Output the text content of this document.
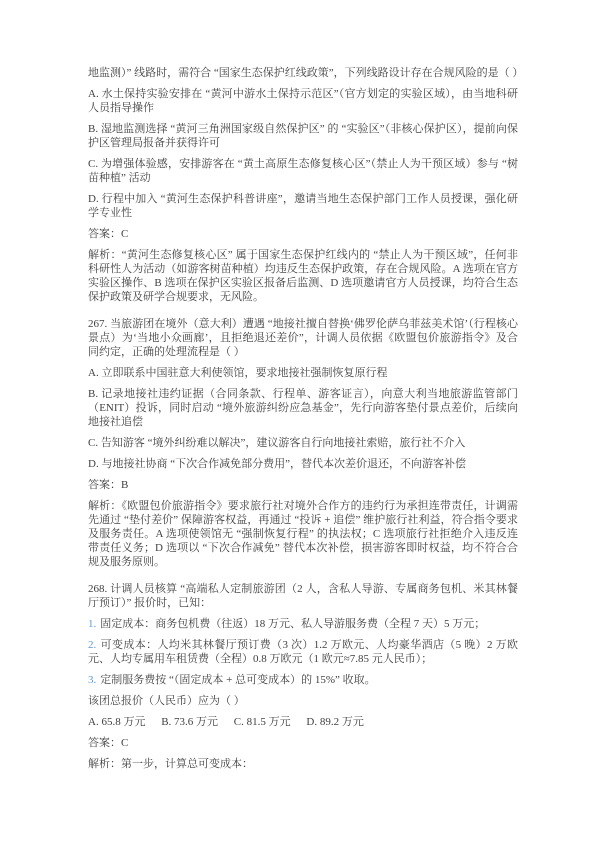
地监测）” 线路时，需符合 “国家生态保护红线政策”，下列线路设计存在合规风险的是（ ）

A. 水土保持实验安排在 “黄河中游水土保持示范区”（官方划定的实验区域），由当地科研人员指导操作

B. 湿地监测选择 “黄河三角洲国家级自然保护区” 的 “实验区”（非核心保护区），提前向保护区管理局报备并获得许可

C. 为增强体验感，安排游客在 “黄土高原生态修复核心区”（禁止人为干预区域）参与 “树苗种植” 活动

D. 行程中加入 “黄河生态保护科普讲座”，邀请当地生态保护部门工作人员授课，强化研学专业性

答案：C

解析：“黄河生态修复核心区” 属于国家生态保护红线内的 “禁止人为干预区域”，任何非科研性人为活动（如游客树苗种植）均违反生态保护政策，存在合规风险。A 选项在官方实验区操作、B 选项在保护区实验区报备后监测、D 选项邀请官方人员授课，均符合生态保护政策及研学合规要求，无风险。

267. 当旅游团在境外（意大利）遭遇 “地接社擅自替换‘佛罗伦萨乌菲兹美术馆’（行程核心景点）为‘当地小众画廊’，且拒绝退还差价”，计调人员依据《欧盟包价旅游指令》及合同约定，正确的处理流程是（ ）

A. 立即联系中国驻意大利使领馆，要求地接社强制恢复原行程

B. 记录地接社违约证据（合同条款、行程单、游客证言），向意大利当地旅游监管部门（ENIT）投诉，同时启动 “境外旅游纠纷应急基金”，先行向游客垫付景点差价，后续向地接社追偿

C. 告知游客 “境外纠纷难以解决”，建议游客自行向地接社索赔，旅行社不介入

D. 与地接社协商 “下次合作减免部分费用”，替代本次差价退还，不向游客补偿

答案：B

解析：《欧盟包价旅游指令》要求旅行社对境外合作方的违约行为承担连带责任，计调需先通过 “垫付差价” 保障游客权益，再通过 “投诉 + 追偿” 维护旅行社利益，符合指令要求及服务责任。A 选项使领馆无 “强制恢复行程” 的执法权；C 选项旅行社拒绝介入违反连带责任义务；D 选项以 “下次合作减免” 替代本次补偿，损害游客即时权益，均不符合合规及服务原则。

268. 计调人员核算 “高端私人定制旅游团（2 人，含私人导游、专属商务包机、米其林餐厅预订）” 报价时，已知：

1. 固定成本：商务包机费（往返）18 万元、私人导游服务费（全程 7 天）5 万元；

2. 可变成本：人均米其林餐厅预订费（3 次）1.2 万欧元、人均豪华酒店（5 晚）2 万欧元、人均专属用车租赁费（全程）0.8 万欧元（1 欧元≈7.85 元人民币）；

3. 定制服务费按 “（固定成本 + 总可变成本）的 15%” 收取。

该团总报价（人民币）应为（ ）

A. 65.8 万元 B. 73.6 万元 C. 81.5 万元 D. 89.2 万元

答案：C

解析：第一步，计算总可变成本：
